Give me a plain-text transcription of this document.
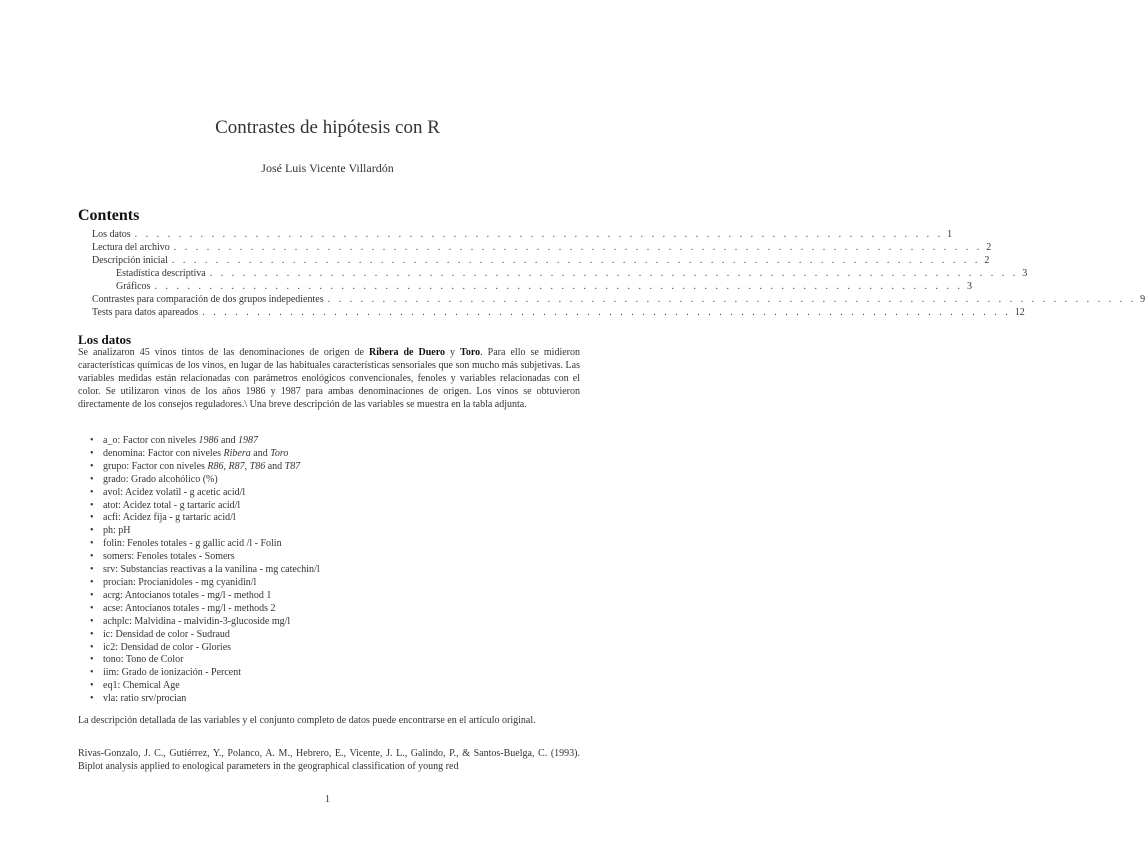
Contrastes de hipótesis con R
José Luis Vicente Villardón
Contents
Los datos . . . . . . . . . . . . . . . . . . . . . . . . . . . . . . . . . . . . . . . . . . . . . . . . . . . . . . . . . . . . . . . . . . . . . . . . . . 1
Lectura del archivo . . . . . . . . . . . . . . . . . . . . . . . . . . . . . . . . . . . . . . . . . . . . . . . . . . . . . . . . . . . . . . . . . . . . . . . . . . 2
Descripción inicial . . . . . . . . . . . . . . . . . . . . . . . . . . . . . . . . . . . . . . . . . . . . . . . . . . . . . . . . . . . . . . . . . . . . . . . . . . 2
Estadística descriptiva . . . . . . . . . . . . . . . . . . . . . . . . . . . . . . . . . . . . . . . . . . . . . . . . . . . . . . . . . . . . . . . . . . . . . . . . . . 3
Gráficos . . . . . . . . . . . . . . . . . . . . . . . . . . . . . . . . . . . . . . . . . . . . . . . . . . . . . . . . . . . . . . . . . . . . . . . . . . 3
Contrastes para comparación de dos grupos indepedientes . . . . . . . . . . . . . . . . . . . . . . . . . . . . . . . . . . . . . . . . . . . . . . . . . . . . . . . . . . . . . . . . . . . . . . . . . . 9
Tests para datos apareados . . . . . . . . . . . . . . . . . . . . . . . . . . . . . . . . . . . . . . . . . . . . . . . . . . . . . . . . . . . . . . . . . . . . . . . . . . 12
Los datos

Se analizaron 45 vinos tintos de las denominaciones de origen de Ribera de Duero y Toro. Para ello se midieron características químicas de los vinos, en lugar de las habituales características sensoriales que son mucho más subjetivas. Las variables medidas están relacionadas con parámetros enológicos convencionales, fenoles y variables relacionadas con el color. Se utilizaron vinos de los años 1986 y 1987 para ambas denominaciones de origen. Los vinos se obtuvieron directamente de los consejos reguladores.\ Una breve descripción de las variables se muestra en la tabla adjunta.

• a_o: Factor con niveles 1986 and 1987
• denomina: Factor con niveles Ribera and Toro
• grupo: Factor con niveles R86, R87, T86 and T87
• grado: Grado alcohólico (%)
• avol: Acidez volatil - g acetic acid/l
• atot: Acidez total - g tartaric acid/l
• acfi: Acidez fija - g tartaric acid/l
• ph: pH
• folin: Fenoles totales - g gallic acid /l - Folin
• somers: Fenoles totales - Somers
• srv: Substancias reactivas a la vanilina - mg catechin/l
• procian: Procianidoles - mg cyanidin/l
• acrg: Antocianos totales - mg/l - method 1
• acse: Antocianos totales - mg/l - methods 2
• achplc: Malvidina - malvidin-3-glucoside mg/l
• ic: Densidad de color - Sudraud
• ic2: Densidad de color - Glories
• tono: Tono de Color
• iim: Grado de ionización - Percent
• eq1: Chemical Age
• vla: ratio srv/procian

La descripción detallada de las variables y el conjunto completo de datos puede encontrarse en el artículo original.

Rivas-Gonzalo, J. C., Gutiérrez, Y., Polanco, A. M., Hebrero, E., Vicente, J. L., Galindo, P., & Santos-Buelga, C. (1993). Biplot analysis applied to enological parameters in the geographical classification of young red

1
